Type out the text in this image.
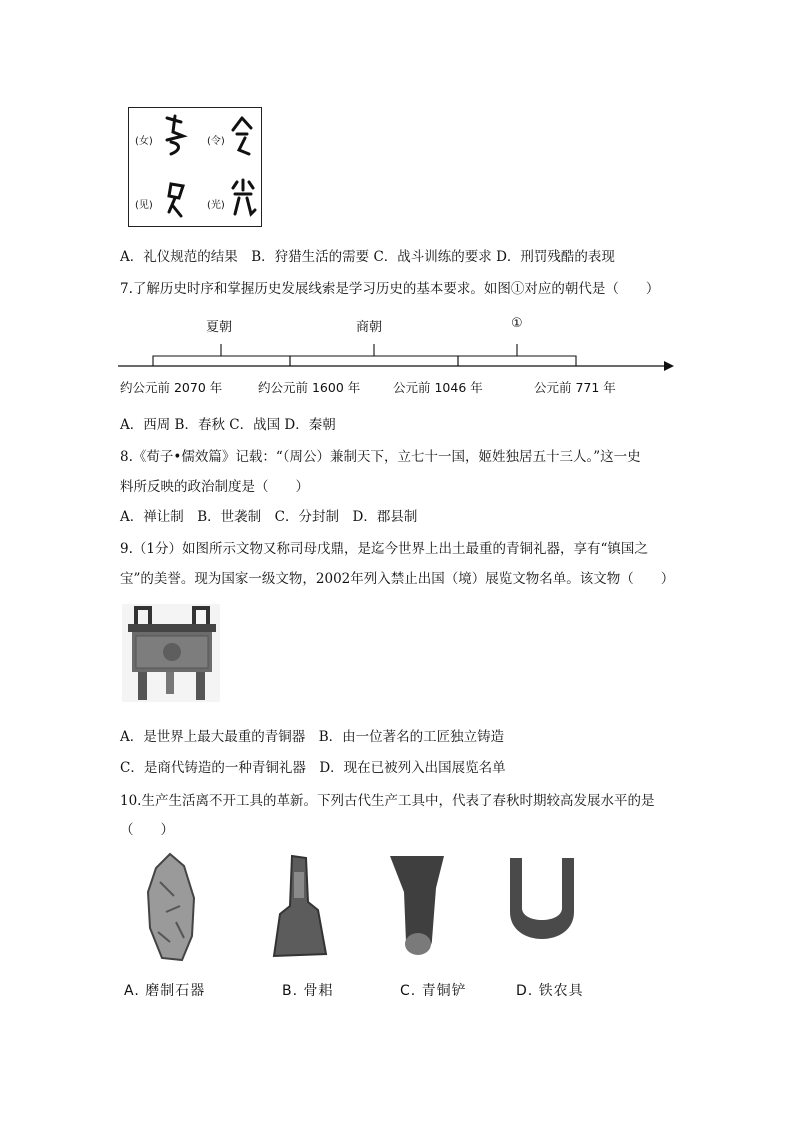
(女)	(令)
(见)	(光)
A．礼仪规范的结果　B．狩猎生活的需要 C．战斗训练的要求 D．刑罚残酷的表现
7.了解历史时序和掌握历史发展线索是学习历史的基本要求。如图①对应的朝代是（　　）
夏朝	商朝	①
约公元前 2070 年	约公元前 1600 年	公元前 1046 年	公元前 771 年
A．西周 B．春秋 C．战国 D．秦朝
8.《荀子•儒效篇》记载：“（周公）兼制天下，立七十一国，姬姓独居五十三人。”这一史
料所反映的政治制度是（　　）
A．禅让制　B．世袭制　C．分封制　D．郡县制
9.（1分）如图所示文物又称司母戊鼎，是迄今世界上出土最重的青铜礼器，享有“镇国之
宝”的美誉。现为国家一级文物，2002年列入禁止出国（境）展览文物名单。该文物（　　）
A．是世界上最大最重的青铜器　B．由一位著名的工匠独立铸造
C．是商代铸造的一种青铜礼器　D．现在已被列入出国展览名单
10.生产生活离不开工具的革新。下列古代生产工具中，代表了春秋时期较高发展水平的是
（　　）
A. 磨制石器	B. 骨耜	C. 青铜铲	D. 铁农具
